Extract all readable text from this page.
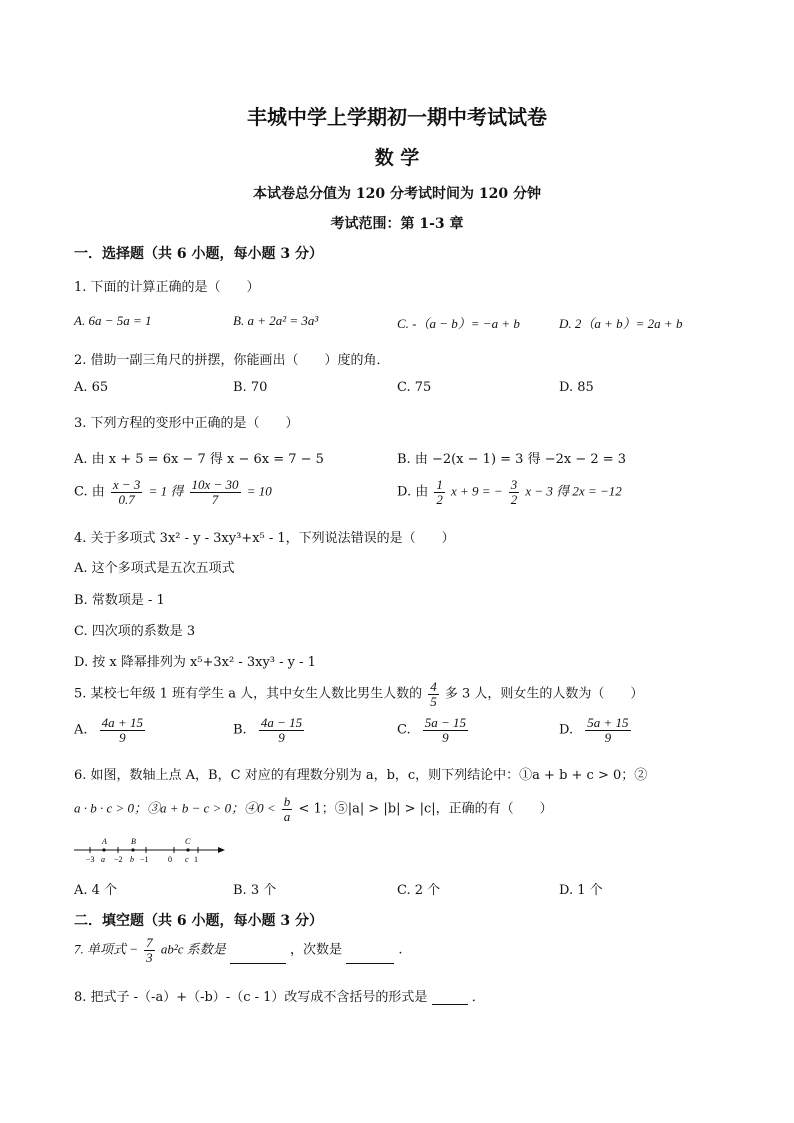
丰城中学上学期初一期中考试试卷
数 学
本试卷总分值为 120 分考试时间为 120 分钟
考试范围：第 1-3 章
一．选择题（共 6 小题，每小题 3 分）
1. 下面的计算正确的是（　　）
A. 6a − 5a = 1	B. a + 2a² = 3a³	C. -（a − b）= −a + b	D. 2（a + b）= 2a + b
2. 借助一副三角尺的拼摆，你能画出（　　）度的角．
A. 65	B. 70	C. 75	D. 85
3. 下列方程的变形中正确的是（　　）
A. 由 x + 5 = 6x − 7 得 x − 6x = 7 − 5	B. 由 −2(x − 1) = 3 得 −2x − 2 = 3
C. 由 $\frac{x - 3}{0.7} = 1$ 得 $\frac{10x - 30}{7} = 10$	D. 由 $\frac{1}{2}$ x + 9 = − $\frac{3}{2}$ x − 3 得 2x = −12
4. 关于多项式 3x² - y - 3xy³+x⁵ - 1，下列说法错误的是（　　）
A. 这个多项式是五次五项式
B. 常数项是 - 1
C. 四次项的系数是 3
D. 按 x 降幂排列为 x⁵+3x² - 3xy³ - y - 1
5. 某校七年级 1 班有学生 a 人，其中女生人数比男生人数的 $\frac{4}{5}$ 多 3 人，则女生的人数为（　　）
A. $\frac{4a + 15}{9}$	B. $\frac{4a - 15}{9}$	C. $\frac{5a - 15}{9}$	D. $\frac{5a + 15}{9}$
6. 如图，数轴上点 A，B，C 对应的有理数分别为 a，b，c，则下列结论中：①a + b + c > 0；②
a · b · c > 0；③a + b − c > 0；④0 < $\frac{b}{a} < 1$；⑤|a| > |b| > |c|，正确的有（　　）
A	B	C
−3 a −2 b −1 0 c 1
A. 4 个	B. 3 个	C. 2 个	D. 1 个
二．填空题（共 6 小题，每小题 3 分）
7. 单项式 − $\frac{7}{3} ab^2c$ 系数是	，次数是	.
8. 把式子 -（-a）+（-b）-（c - 1）改写成不含括号的形式是	．
